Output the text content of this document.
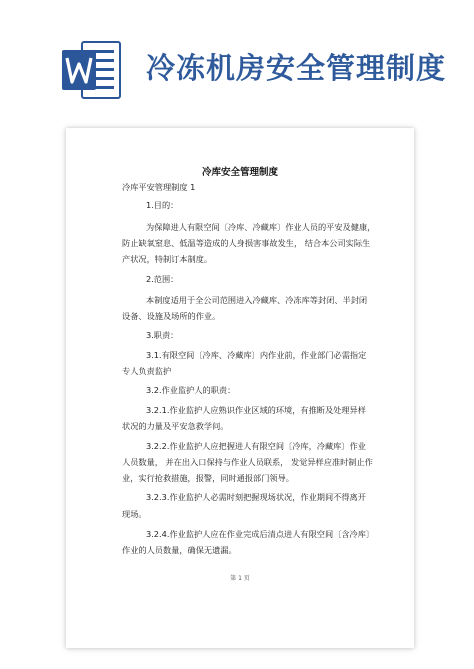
冷冻机房安全管理制度
冷库安全管理制度
冷库平安管理制度 1
1.目的：
为保障进人有限空间〔冷库、冷藏库〕作业人员的平安及健康，
防止缺氧窒息、低温等造成的人身损害事故发生， 结合本公司实际生
产状况，特制订本制度。
2.范围：
本制度适用于全公司范围进入冷藏库、冷冻库等封闭、半封闭
设备、设施及场所的作业。
3.职责：
3.1.有限空间〔冷库、冷藏库〕内作业前，作业部门必需指定
专人负责监护
3.2.作业监护人的职责：
3.2.1.作业监护人应熟识作业区域的环境，有推断及处理异样
状况的力量及平安急救学问。
3.2.2.作业监护人应把握进人有限空间〔冷库，冷藏库〕作业
人员数量， 并在出入口保持与作业人员联系， 发觉异样应准时制止作
业，实行抢救措施，报警，同时通报部门领导。
3.2.3.作业监护人必需时刻把握现场状况，作业期间不得离开
现场。
3.2.4.作业监护人应在作业完成后清点进人有限空间〔含冷库〕
作业的人员数量，确保无遗漏。
第 1 页
